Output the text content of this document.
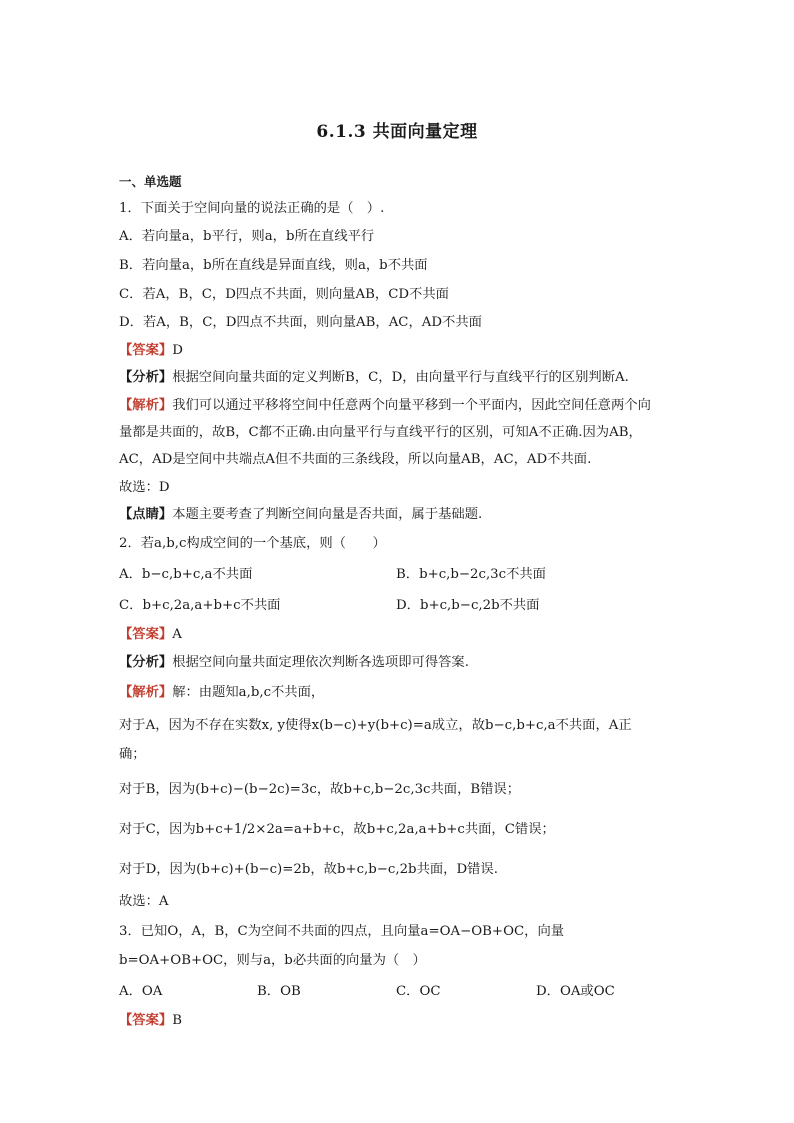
6.1.3 共面向量定理
一、单选题
1．下面关于空间向量的说法正确的是（　）.
A．若向量a，b平行，则a，b所在直线平行
B．若向量a，b所在直线是异面直线，则a，b不共面
C．若A，B，C，D四点不共面，则向量AB，CD不共面
D．若A，B，C，D四点不共面，则向量AB，AC，AD不共面
【答案】D
【分析】根据空间向量共面的定义判断B，C，D，由向量平行与直线平行的区别判断A.
【解析】我们可以通过平移将空间中任意两个向量平移到一个平面内，因此空间任意两个向
量都是共面的，故B，C都不正确.由向量平行与直线平行的区别，可知A不正确.因为AB，
AC，AD是空间中共端点A但不共面的三条线段，所以向量AB，AC，AD不共面.
故选：D
【点睛】本题主要考查了判断空间向量是否共面，属于基础题.
2．若a,b,c构成空间的一个基底，则（　　）
A．b−c,b+c,a不共面	B．b+c,b−2c,3c不共面
C．b+c,2a,a+b+c不共面	D．b+c,b−c,2b不共面
【答案】A
【分析】根据空间向量共面定理依次判断各选项即可得答案.
【解析】解：由题知a,b,c不共面，
对于A，因为不存在实数x, y使得x(b−c)+y(b+c)=a成立，故b−c,b+c,a不共面，A正
确；
对于B，因为(b+c)−(b−2c)=3c，故b+c,b−2c,3c共面，B错误；
对于C，因为b+c+1/2×2a=a+b+c，故b+c,2a,a+b+c共面，C错误；
对于D，因为(b+c)+(b−c)=2b，故b+c,b−c,2b共面，D错误.
故选：A
3．已知O，A，B，C为空间不共面的四点，且向量a=OA−OB+OC，向量
b=OA+OB+OC，则与a，b必共面的向量为（　）
A．OA	B．OB	C．OC	D．OA或OC
【答案】B
